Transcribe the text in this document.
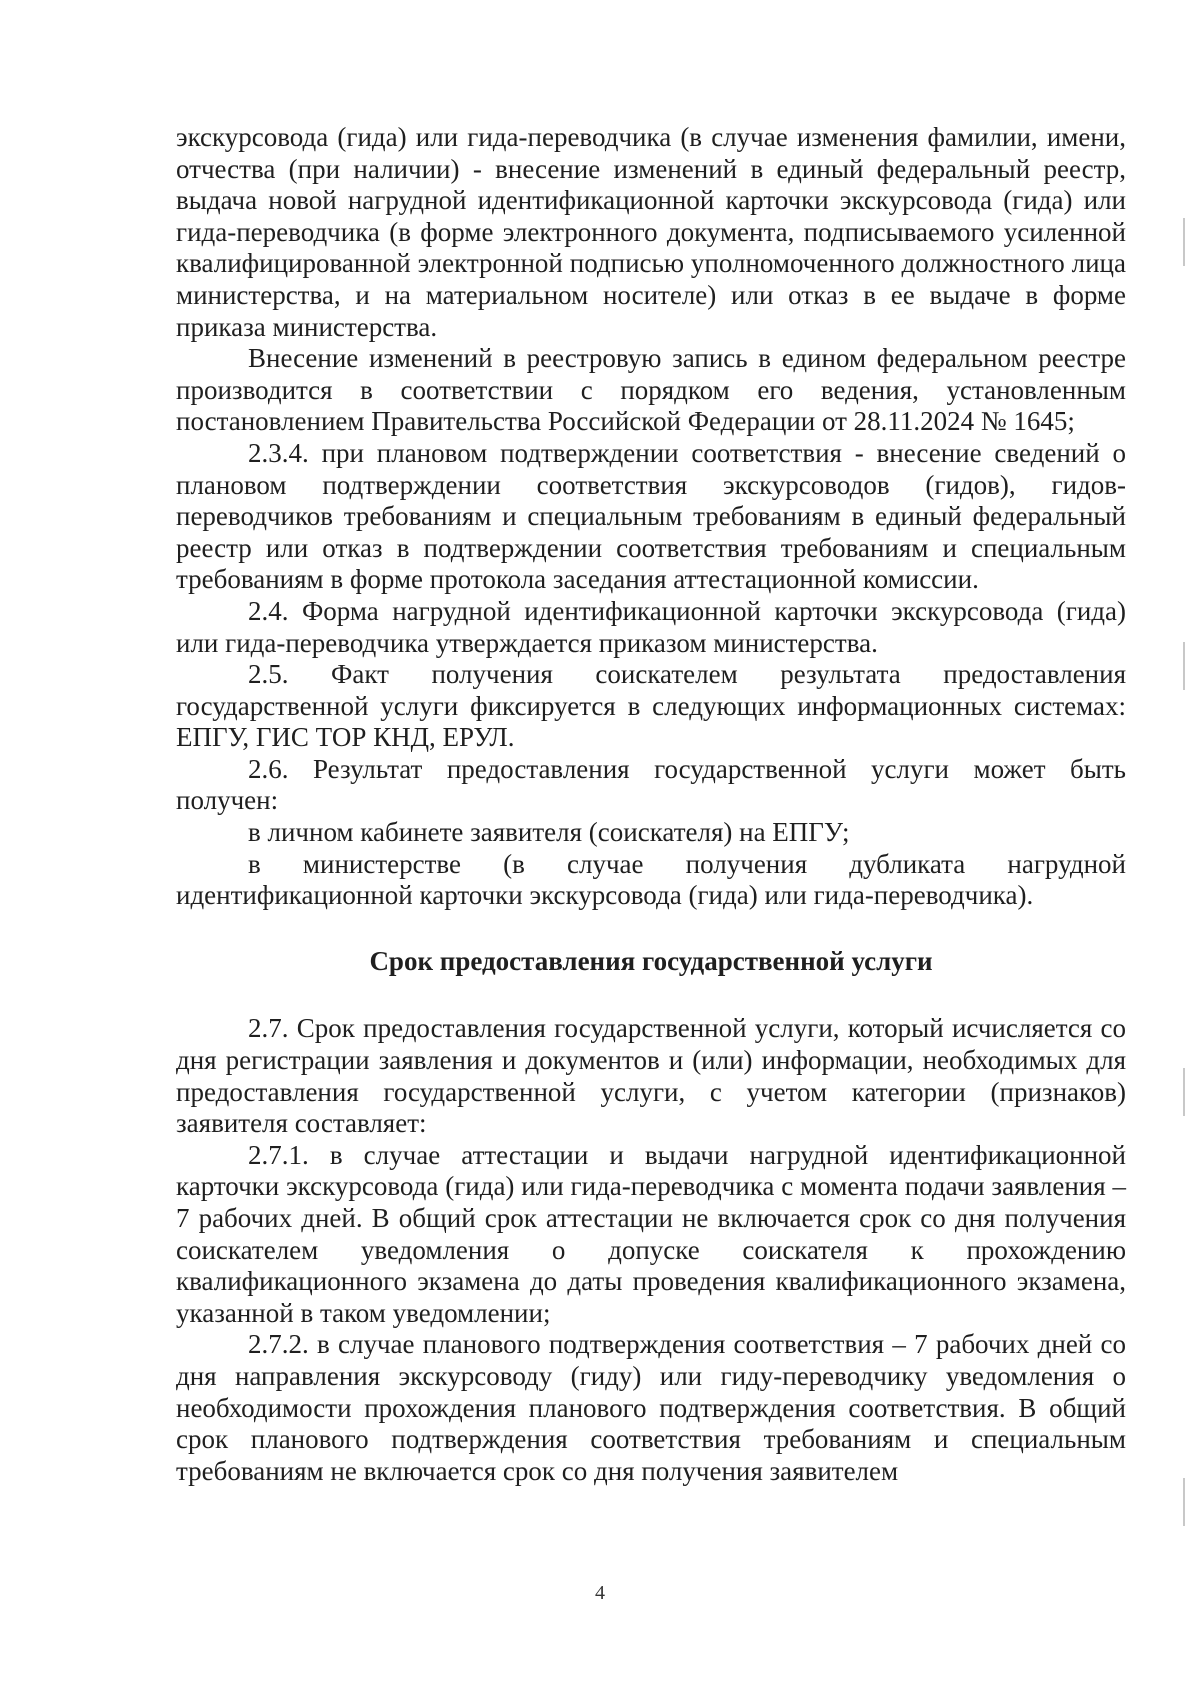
экскурсовода (гида) или гида-переводчика (в случае изменения фамилии, имени, отчества (при наличии) - внесение изменений в единый федеральный реестр, выдача новой нагрудной идентификационной карточки экскурсовода (гида) или гида-переводчика (в форме электронного документа, подписываемого усиленной квалифицированной электронной подписью уполномоченного должностного лица министерства, и на материальном носителе) или отказ в ее выдаче в форме приказа министерства.

Внесение изменений в реестровую запись в едином федеральном реестре производится в соответствии с порядком его ведения, установленным постановлением Правительства Российской Федерации от 28.11.2024 № 1645;

2.3.4. при плановом подтверждении соответствия - внесение сведений о плановом подтверждении соответствия экскурсоводов (гидов), гидов-переводчиков требованиям и специальным требованиям в единый федеральный реестр или отказ в подтверждении соответствия требованиям и специальным требованиям в форме протокола заседания аттестационной комиссии.

2.4. Форма нагрудной идентификационной карточки экскурсовода (гида) или гида-переводчика утверждается приказом министерства.

2.5. Факт получения соискателем результата предоставления государственной услуги фиксируется в следующих информационных системах: ЕПГУ, ГИС ТОР КНД, ЕРУЛ.

2.6. Результат предоставления государственной услуги может быть получен:

в личном кабинете заявителя (соискателя) на ЕПГУ;

в министерстве (в случае получения дубликата нагрудной идентификационной карточки экскурсовода (гида) или гида-переводчика).

Срок предоставления государственной услуги

2.7. Срок предоставления государственной услуги, который исчисляется со дня регистрации заявления и документов и (или) информации, необходимых для предоставления государственной услуги, с учетом категории (признаков) заявителя составляет:

2.7.1. в случае аттестации и выдачи нагрудной идентификационной карточки экскурсовода (гида) или гида-переводчика с момента подачи заявления – 7 рабочих дней. В общий срок аттестации не включается срок со дня получения соискателем уведомления о допуске соискателя к прохождению квалификационного экзамена до даты проведения квалификационного экзамена, указанной в таком уведомлении;

2.7.2. в случае планового подтверждения соответствия – 7 рабочих дней со дня направления экскурсоводу (гиду) или гиду-переводчику уведомления о необходимости прохождения планового подтверждения соответствия. В общий срок планового подтверждения соответствия требованиям и специальным требованиям не включается срок со дня получения заявителем

4
